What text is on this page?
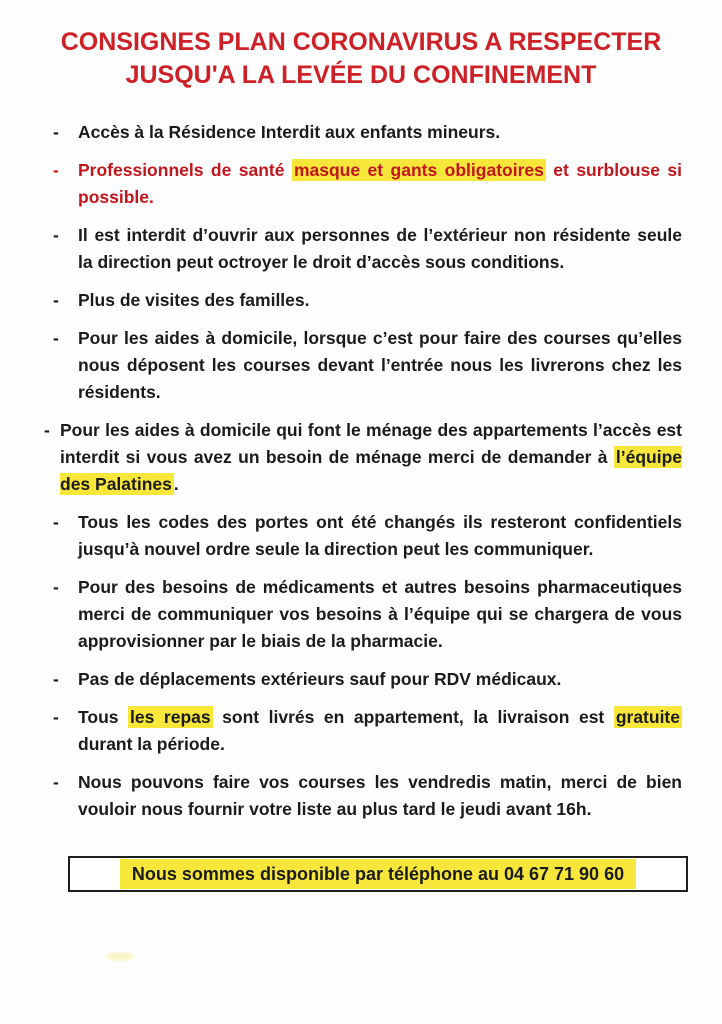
CONSIGNES PLAN CORONAVIRUS A RESPECTER
JUSQU'A LA LEVÉE DU CONFINEMENT
- Accès à la Résidence Interdit aux enfants mineurs.
- Professionnels de santé masque et gants obligatoires et surblouse si possible.
- Il est interdit d’ouvrir aux personnes de l’extérieur non résidente seule la direction peut octroyer le droit d’accès sous conditions.
- Plus de visites des familles.
- Pour les aides à domicile, lorsque c’est pour faire des courses qu’elles nous déposent les courses devant l’entrée nous les livrerons chez les résidents.
- Pour les aides à domicile qui font le ménage des appartements l’accès est interdit si vous avez un besoin de ménage merci de demander à l’équipe des Palatines .
- Tous les codes des portes ont été changés ils resteront confidentiels jusqu’à nouvel ordre seule la direction peut les communiquer.
- Pour des besoins de médicaments et autres besoins pharmaceutiques merci de communiquer vos besoins à l’équipe qui se chargera de vous approvisionner par le biais de la pharmacie.
- Pas de déplacements extérieurs sauf pour RDV médicaux.
- Tous les repas sont livrés en appartement, la livraison est gratuite durant la période.
- Nous pouvons faire vos courses les vendredis matin, merci de bien vouloir nous fournir votre liste au plus tard le jeudi avant 16h.
Nous sommes disponible par téléphone au 04 67 71 90 60
